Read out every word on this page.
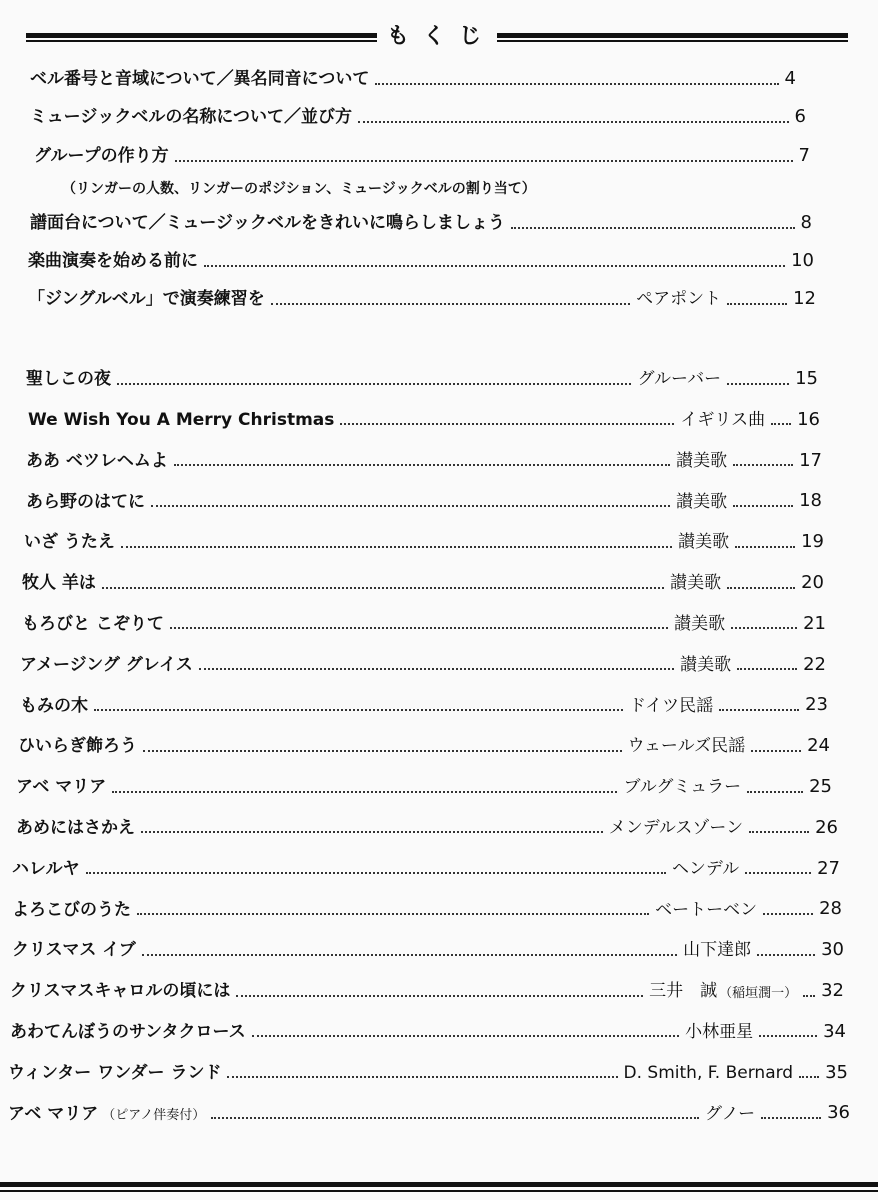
もくじ
ベル番号と音域について／異名同音について	4
ミュージックベルの名称について／並び方	6
グループの作り方	7
（リンガーの人数、リンガーのポジション、ミュージックベルの割り当て）
譜面台について／ミュージックベルをきれいに鳴らしましょう	8
楽曲演奏を始める前に	10
「ジングルベル」で演奏練習を	ペアポント	12
聖しこの夜	グルーバー	15
We Wish You A Merry Christmas	イギリス曲 16
ああ ベツレヘムよ	讃美歌	17
あら野のはてに	讃美歌	18
いざ うたえ	讃美歌	19
牧人 羊は	讃美歌	20
もろびと こぞりて	讃美歌	21
アメージング グレイス	讃美歌	22
もみの木	ドイツ民謡	23
ひいらぎ飾ろう	ウェールズ民謡	24
アベ マリア	ブルグミュラー	25
あめにはさかえ	メンデルスゾーン	26
ハレルヤ	ヘンデル	27
よろこびのうた	ベートーベン	28
クリスマス イブ	山下達郎	30
クリスマスキャロルの頃には	三井　誠 （稲垣潤一） 32
あわてんぼうのサンタクロース	小林亜星	34
ウィンター ワンダー ランド	D. Smith, F. Bernard 35
アベ マリア （ピアノ伴奏付）	グノー	36
